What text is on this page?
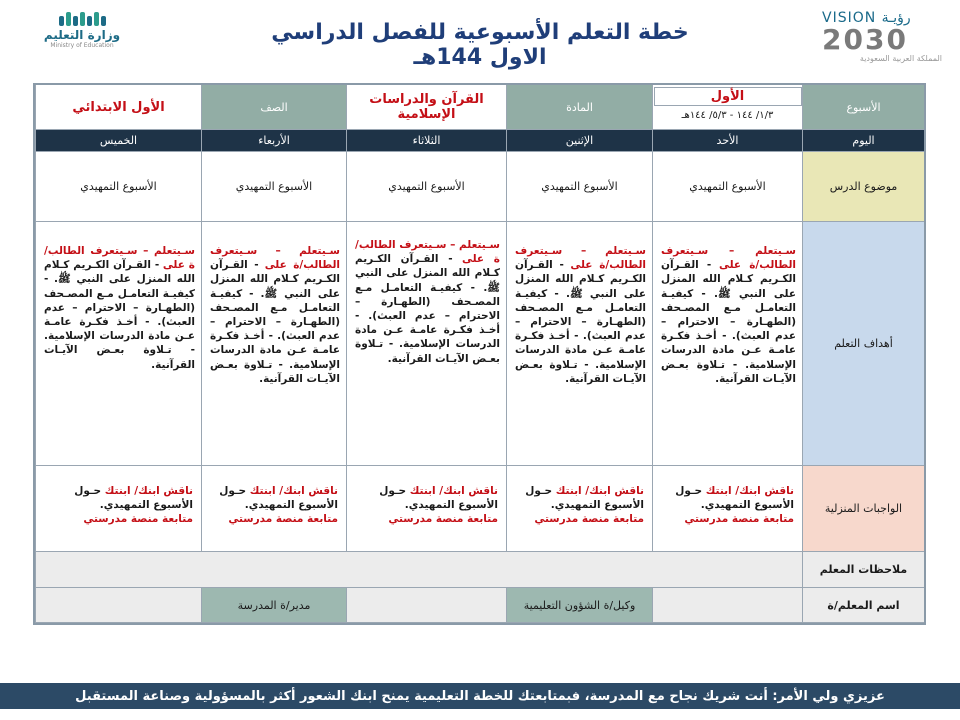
VISION رؤيـة
2030
المملكة العربية السعودية
خطة التعلم الأسبوعية للفصل الدراسي الاول 144هـ
وزارة التعليم
Ministry of Education
الأسبوع
الأول
١/٣/ ١٤٤ - ٥/٣/ ١٤٤هـ
المادة
القرآن والدراسات الإسلامية
الصف
الأول الابتدائي
اليوم
الأحد
الإثنين
الثلاثاء
الأربعاء
الخميس
موضوع الدرس
الأسبوع التمهيدي
الأسبوع التمهيدي
الأسبوع التمهيدي
الأسبوع التمهيدي
الأسبوع التمهيدي
أهداف التعلم
سـيتعلم – سـيتعرف الطالب/ة على - القـرآن الكـريم كـلام الله المنزل على النبي ﷺ. - كيفيـة التعامـل مـع المصـحف (الطهـارة – الاحترام – عدم العبث). - أخـذ فكـرة عامـة عـن مادة الدرسات الإسلامية. - تـلاوة بعـض الآيـات القرآنية.
سـيتعلم – سـيتعرف الطالب/ة على - القـرآن الكـريم كـلام الله المنزل على النبي ﷺ. - كيفيـة التعامـل مـع المصـحف (الطهـارة – الاحترام – عدم العبث). - أخـذ فكـرة عامـة عـن مادة الدرسات الإسلامية. - تـلاوة بعـض الآيـات القرآنية.
سـيتعلم – سـيتعرف الطالب/ة على - القـرآن الكـريم كـلام الله المنزل على النبي ﷺ. - كيفيـة التعامـل مـع المصـحف (الطهـارة – الاحترام – عدم العبث). - أخـذ فكـرة عامـة عـن مادة الدرسات الإسلامية. - تـلاوة بعـض الآيـات القرآنية.
سـيتعلم – سـيتعرف الطالب/ة على - القـرآن الكـريم كـلام الله المنزل على النبي ﷺ. - كيفيـة التعامـل مـع المصـحف (الطهـارة – الاحترام – عدم العبث). - أخـذ فكـرة عامـة عـن مادة الدرسات الإسلامية. - تـلاوة بعـض الآيـات القرآنية.
سـيتعلم – سـيتعرف الطالب/ة على - القـرآن الكـريم كـلام الله المنزل على النبي ﷺ. - كيفيـة التعامـل مـع المصـحف (الطهـارة – الاحترام – عدم العبث). - أخـذ فكـرة عامـة عـن مادة الدرسات الإسلامية. - تـلاوة بعـض الآيـات القرآنية.
الواجبات المنزلية
ناقش ابنك/ ابنتك حـول الأسبوع التمهيدي.
متابعة منصة مدرستي
ناقش ابنك/ ابنتك حـول الأسبوع التمهيدي.
متابعة منصة مدرستي
ناقش ابنك/ ابنتك حـول الأسبوع التمهيدي.
متابعة منصة مدرستي
ناقش ابنك/ ابنتك حـول الأسبوع التمهيدي.
متابعة منصة مدرستي
ناقش ابنك/ ابنتك حـول الأسبوع التمهيدي.
متابعة منصة مدرستي
ملاحظات المعلم
اسم المعلم/ة
وكيل/ة الشؤون التعليمية
مدير/ة المدرسة
عزيزي ولي الأمر: أنت شريك نجاح مع المدرسة، فبمتابعتك للخطة التعليمية يمنح ابنك الشعور أكثر بالمسؤولية وصناعة المستقبل
